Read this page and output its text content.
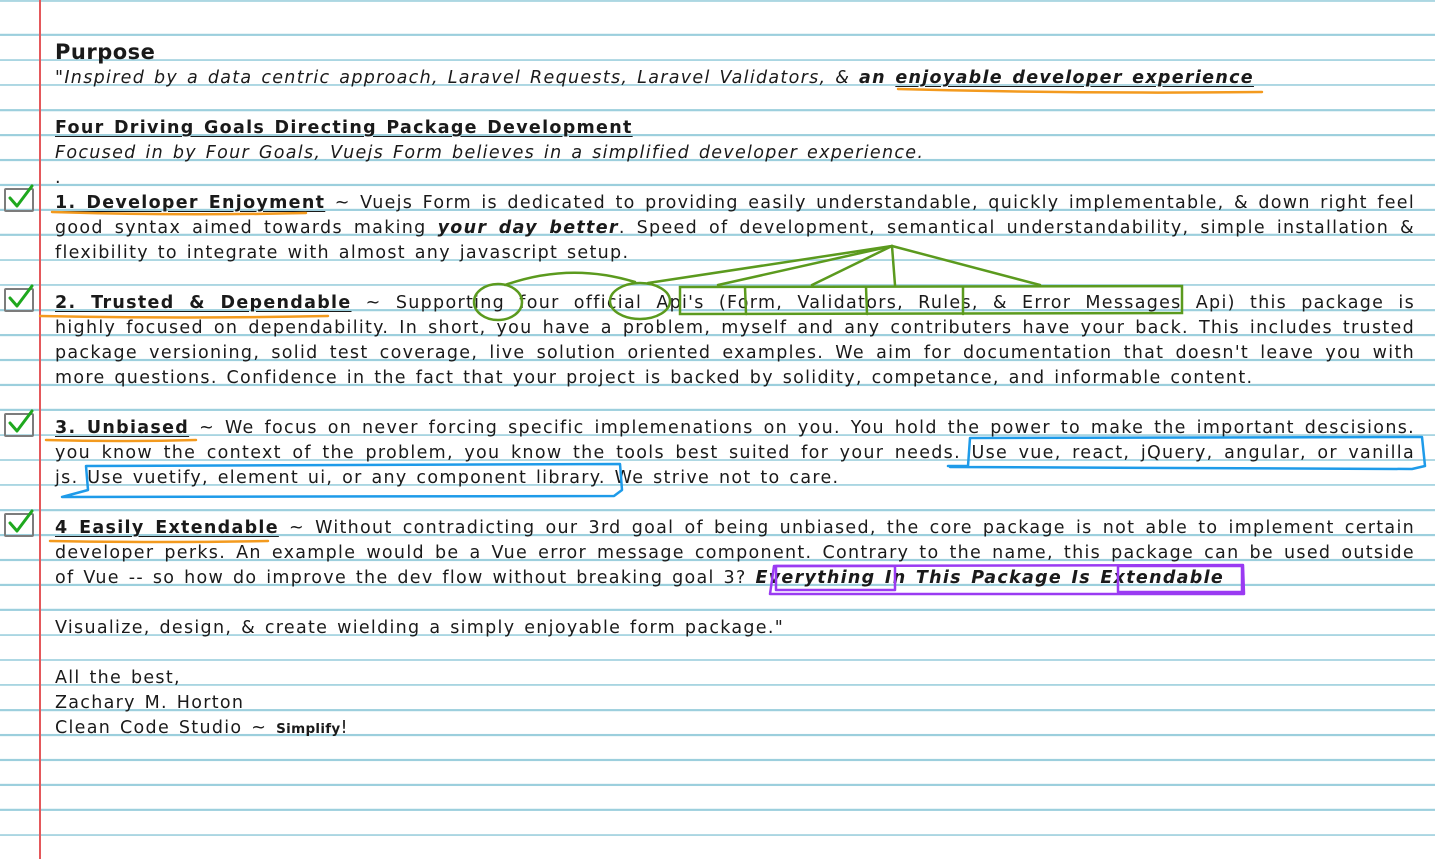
Purpose
"Inspired by a data centric approach, Laravel Requests, Laravel Validators, & an enjoyable developer experience
Four Driving Goals Directing Package Development
Focused in by Four Goals, Vuejs Form believes in a simplified developer experience.
.
1. Developer Enjoyment ~ Vuejs Form is dedicated to providing easily understandable, quickly implementable, & down right feel
good syntax aimed towards making your day better. Speed of development, semantical understandability, simple installation &
flexibility to integrate with almost any javascript setup.
2. Trusted & Dependable ~ Supporting four official Api's (Form, Validators, Rules, & Error Messages Api) this package is
highly focused on dependability. In short, you have a problem, myself and any contributers have your back. This includes trusted
package versioning, solid test coverage, live solution oriented examples. We aim for documentation that doesn't leave you with
more questions. Confidence in the fact that your project is backed by solidity, competance, and informable content.
3. Unbiased ~ We focus on never forcing specific implemenations on you. You hold the power to make the important descisions.
you know the context of the problem, you know the tools best suited for your needs. Use vue, react, jQuery, angular, or vanilla
js. Use vuetify, element ui, or any component library. We strive not to care.
4 Easily Extendable ~ Without contradicting our 3rd goal of being unbiased, the core package is not able to implement certain
developer perks. An example would be a Vue error message component. Contrary to the name, this package can be used outside
of Vue -- so how do improve the dev flow without breaking goal 3? Everything In This Package Is Extendable
Visualize, design, & create wielding a simply enjoyable form package."
All the best,
Zachary M. Horton
Clean Code Studio ~ Simplify!
